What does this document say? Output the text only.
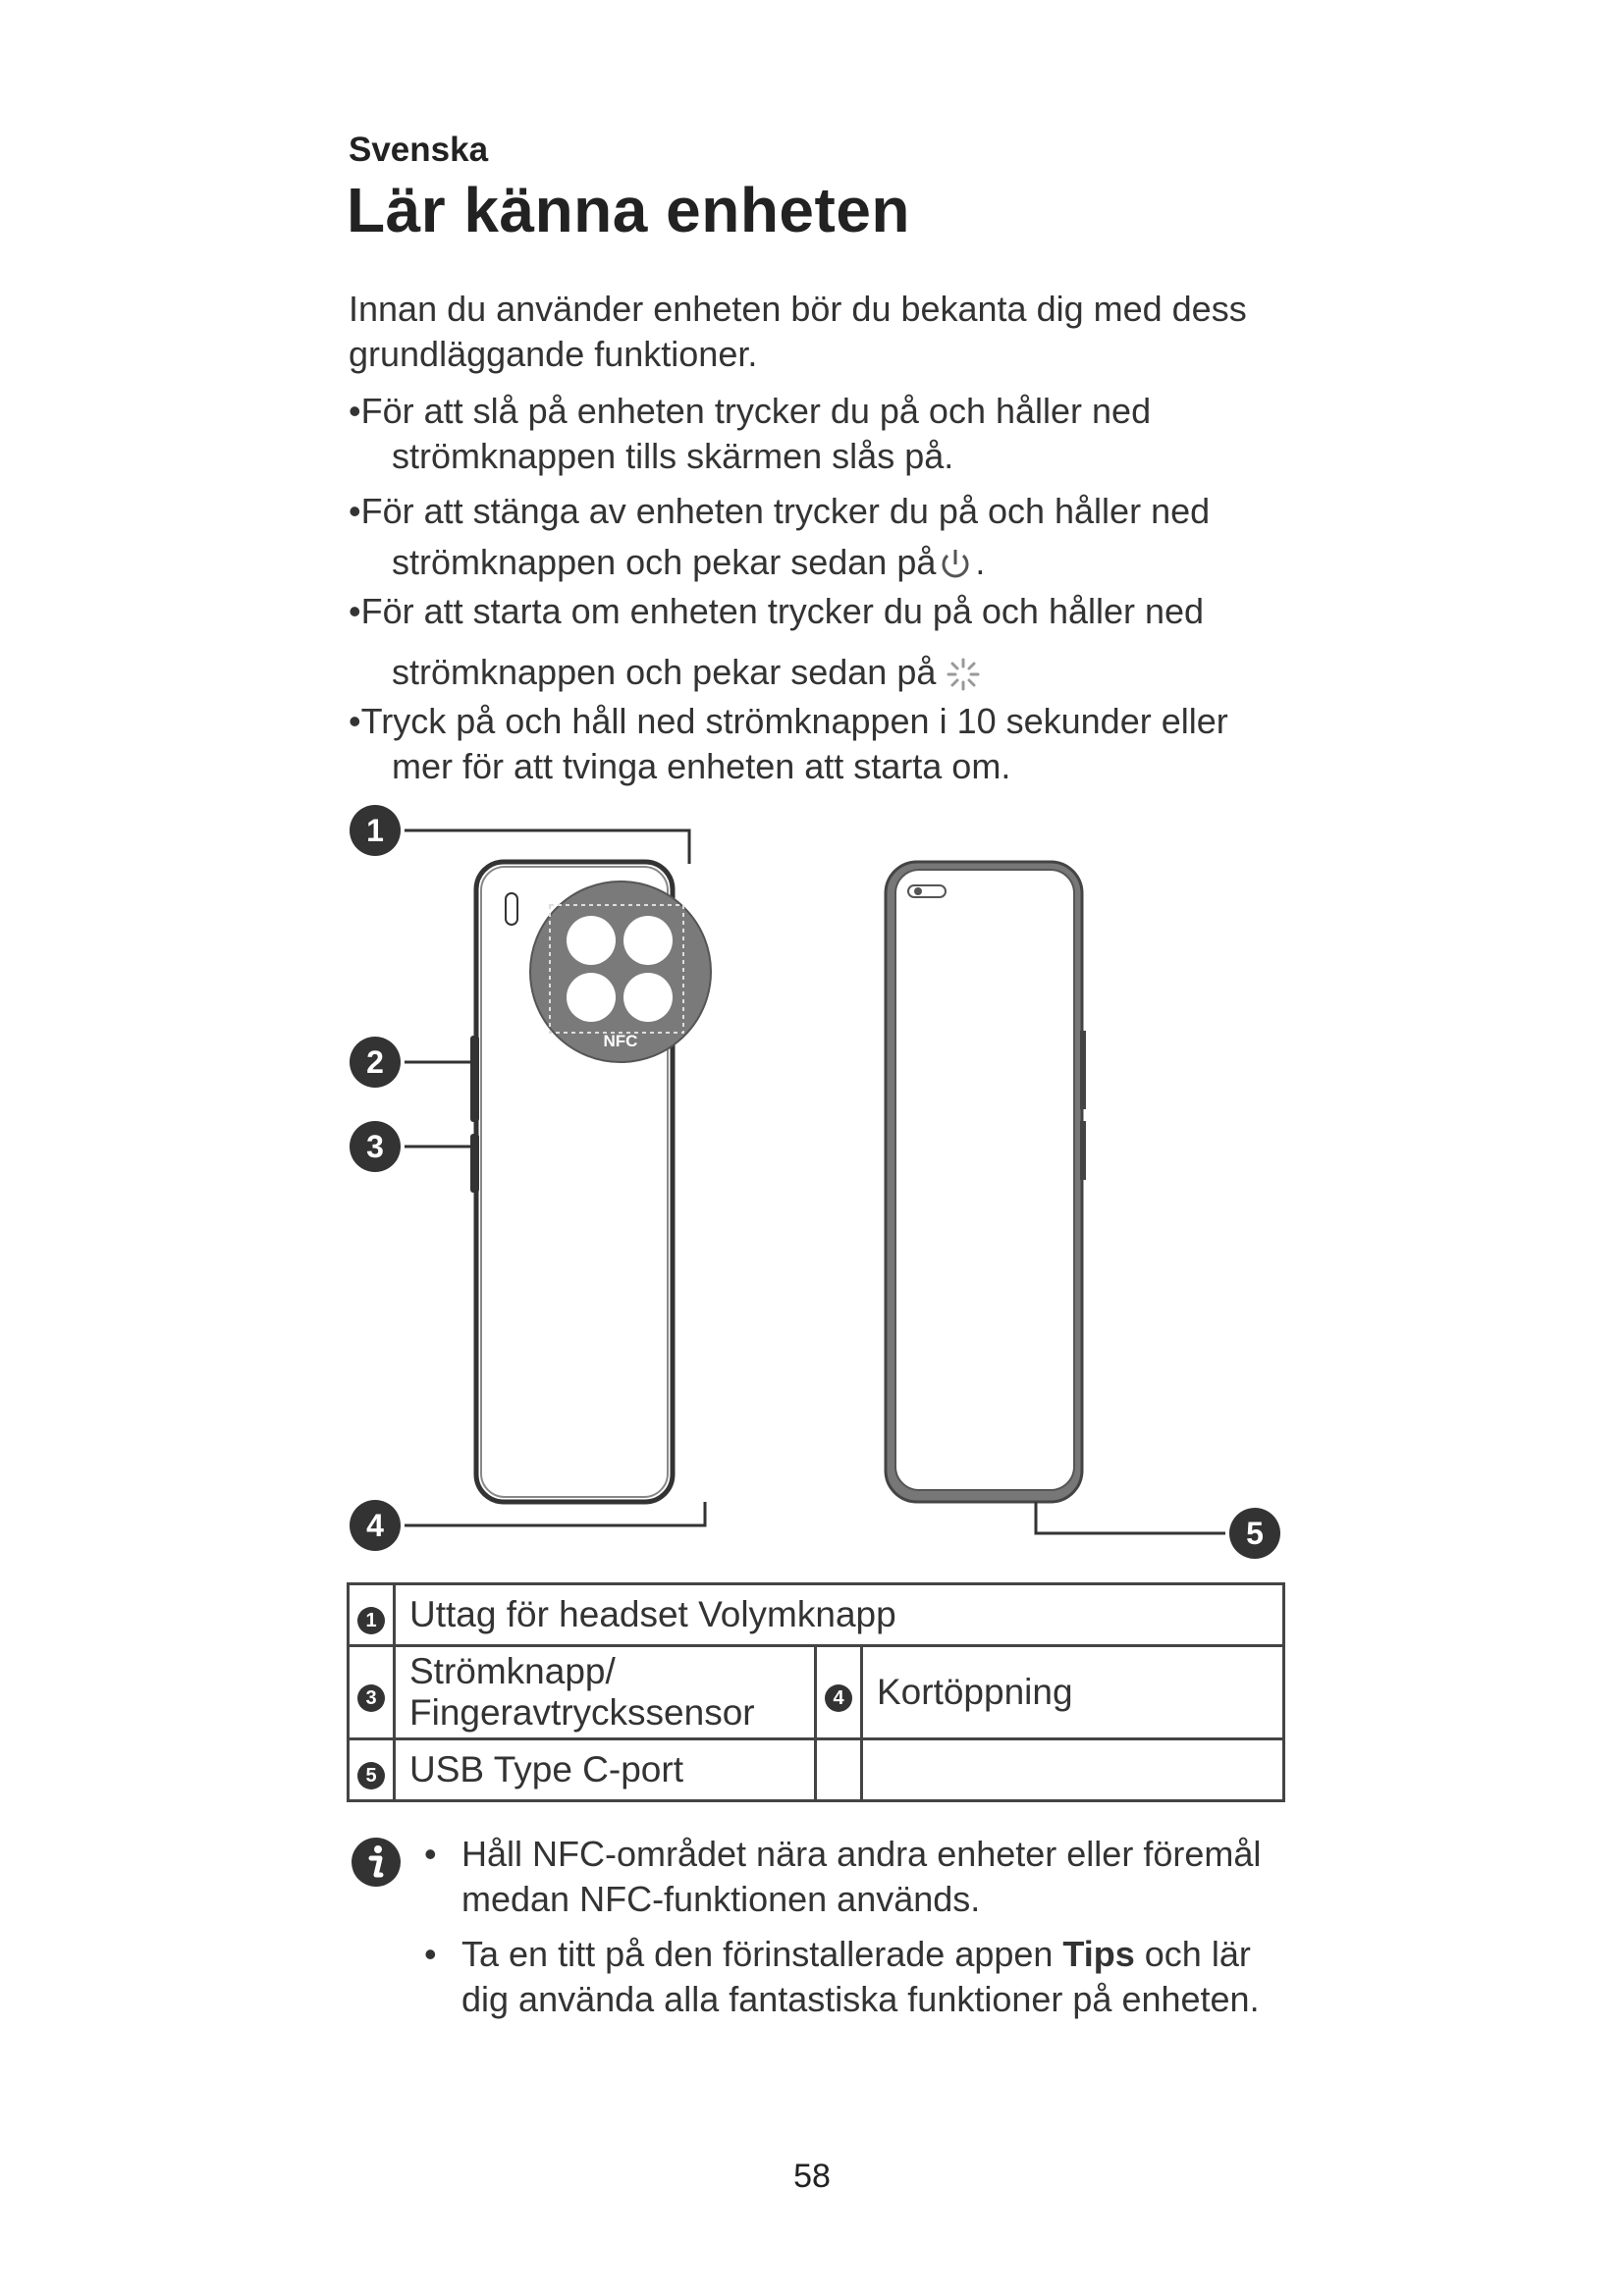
Svenska
Lär känna enheten
Innan du använder enheten bör du bekanta dig med dess grundläggande funktioner.
•För att slå på enheten trycker du på och håller ned
strömknappen tills skärmen slås på.
•För att stänga av enheten trycker du på och håller ned
strömknappen och pekar sedan på .
•För att starta om enheten trycker du på och håller ned
strömknappen och pekar sedan på
•Tryck på och håll ned strömknappen i 10 sekunder eller
mer för att tvinga enheten att starta om.
NFC
1
2
3
4	5
1	Uttag för headset Volymknapp		
3	Strömknapp/
Fingeravtryckssensor	4	Kortöppning
5	USB Type C-port		
• Håll NFC-området nära andra enheter eller föremål
medan NFC-funktionen används.
• Ta en titt på den förinstallerade appen Tips och lär
dig använda alla fantastiska funktioner på enheten.
58
